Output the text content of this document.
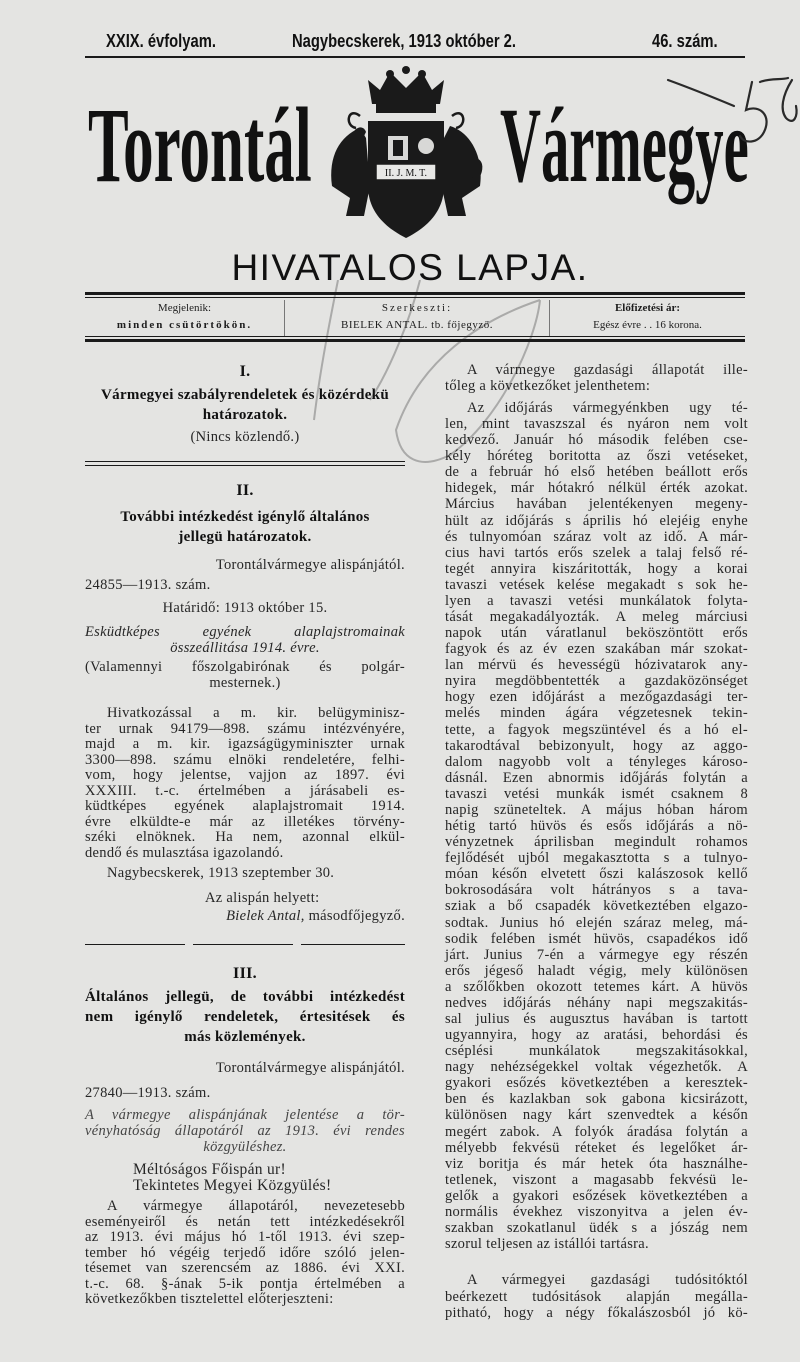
XXIX. évfolyam.	Nagybecskerek, 1913 október 2.	46. szám.
Torontál Vármegye
II. J. M. T.
HIVATALOS LAPJA.
Megjelenik:
minden csütörtökön.
Szerkeszti:
BIELEK ANTAL. tb. főjegyző.
Előfizetési ár:
Egész évre . . 16 korona.
I.
Vármegyei szabályrendeletek és közérdekü
határozatok.
(Nincs közlendő.)
II.
További intézkedést igénylő általános
jellegü határozatok.
Torontálvármegye alispánjától.
24855—1913. szám.
Határidő: 1913 október 15.
Esküdtképes egyének alaplajstromainak
összeállitása 1914. évre.
(Valamennyi főszolgabirónak és polgár-
mesternek.)
Hivatkozással a m. kir. belügyminisz-
ter urnak 94179—898. számu intézvényére,
majd a m. kir. igazságügyminiszter urnak
3300—898. számu elnöki rendeletére, felhi-
vom, hogy jelentse, vajjon az 1897. évi
XXXIII. t.-c. értelmében a járásabeli es-
küdtképes egyének alaplajstromait 1914.
évre elküldte-e már az illetékes törvény-
széki elnöknek. Ha nem, azonnal elkül-
dendő és mulasztása igazolandó.
Nagybecskerek, 1913 szeptember 30.
Az alispán helyett:
Bielek Antal, másodfőjegyző.
III.
Általános jellegü, de további intézkedést
nem igénylő rendeletek, értesitések és
más közlemények.
Torontálvármegye alispánjától.
27840—1913. szám.
A vármegye alispánjának jelentése a tör-
vényhatóság állapotáról az 1913. évi rendes
közgyüléshez.
Méltóságos Főispán ur!
Tekintetes Megyei Közgyülés!
A vármegye állapotáról, nevezetesebb
eseményeiről és netán tett intézkedésekről
az 1913. évi május hó 1-től 1913. évi szep-
tember hó végéig terjedő időre szóló jelen-
tésemet van szerencsém az 1886. évi XXI.
t.-c. 68. §-ának 5-ik pontja értelmében a
következőkben tisztelettel előterjeszteni:
A vármegye gazdasági állapotát ille-
tőleg a következőket jelenthetem:
Az időjárás vármegyénkben ugy té-
len, mint tavaszszal és nyáron nem volt
kedvező. Január hó második felében cse-
kély hóréteg boritotta az őszi vetéseket,
de a február hó első hetében beállott erős
hidegek, már hótakró nélkül érték azokat.
Március havában jelentékenyen megeny-
hült az időjárás s április hó elejéig enyhe
és tulnyomóan száraz volt az idő. A már-
cius havi tartós erős szelek a talaj felső ré-
tegét annyira kiszáritották, hogy a korai
tavaszi vetések kelése megakadt s sok he-
lyen a tavaszi vetési munkálatok folyta-
tását megakadályozták. A meleg márciusi
napok után váratlanul beköszöntött erős
fagyok és az év ezen szakában már szokat-
lan mérvü és hevességü hózivatarok any-
nyira megdöbbentették a gazdaközönséget
hogy ezen időjárást a mezőgazdasági ter-
melés minden ágára végzetesnek tekin-
tette, a fagyok megszüntével és a hó el-
takarodtával bebizonyult, hogy az aggo-
dalom nagyobb volt a tényleges károso-
dásnál. Ezen abnormis időjárás folytán a
tavaszi vetési munkák ismét csaknem 8
napig szüneteltek. A május hóban három
hétig tartó hüvös és esős időjárás a nö-
vényzetnek áprilisban megindult rohamos
fejlődését ujból megakasztotta s a tulnyo-
móan későn elvetett őszi kalászosok kellő
bokrosodására volt hátrányos s a tava-
sziak a bő csapadék következtében elgazo-
sodtak. Junius hó elején száraz meleg, má-
sodik felében ismét hüvös, csapadékos idő
járt. Junius 7-én a vármegye egy részén
erős jégeső haladt végig, mely különösen
a szőlőkben okozott tetemes kárt. A hüvös
nedves időjárás néhány napi megszakitás-
sal julius és augusztus havában is tartott
ugyannyira, hogy az aratási, behordási és
cséplési munkálatok megszakitásokkal,
nagy nehézségekkel voltak végezhetők. A
gyakori esőzés következtében a keresztek-
ben és kazlakban sok gabona kicsirázott,
különösen nagy kárt szenvedtek a későn
megért zabok. A folyók áradása folytán a
mélyebb fekvésü réteket és legelőket ár-
viz boritja és már hetek óta használhe-
tetlenek, viszont a magasabb fekvésü le-
gelők a gyakori esőzések következtében a
normális évekhez viszonyitva a jelen év-
szakban szokatlanul üdék s a jószág nem
szorul teljesen az istállói tartásra.
A vármegyei gazdasági tudósitóktól
beérkezett tudósitások alapján megálla-
pitható, hogy a négy főkalászosból jó kö-
